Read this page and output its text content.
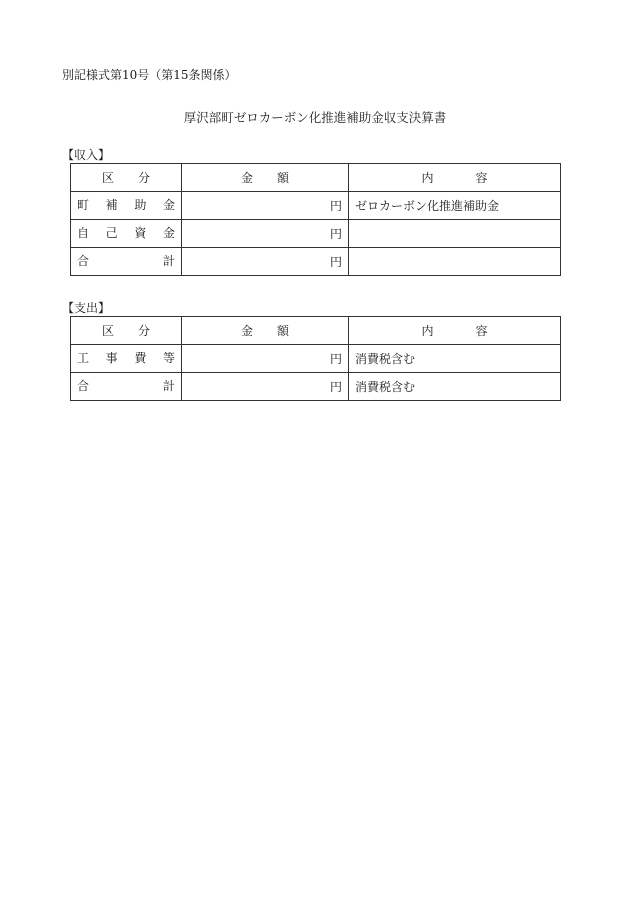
別記様式第10号（第15条関係）
厚沢部町ゼロカーボン化推進補助金収支決算書
【収入】
区分	金額	内容

町 補 助 金	円	ゼロカーボン化推進補助金

自 己 資 金	円	

合 計	円	
【支出】
区分	金額	内容

工 事 費 等	円	消費税含む

合 計	円	消費税含む
